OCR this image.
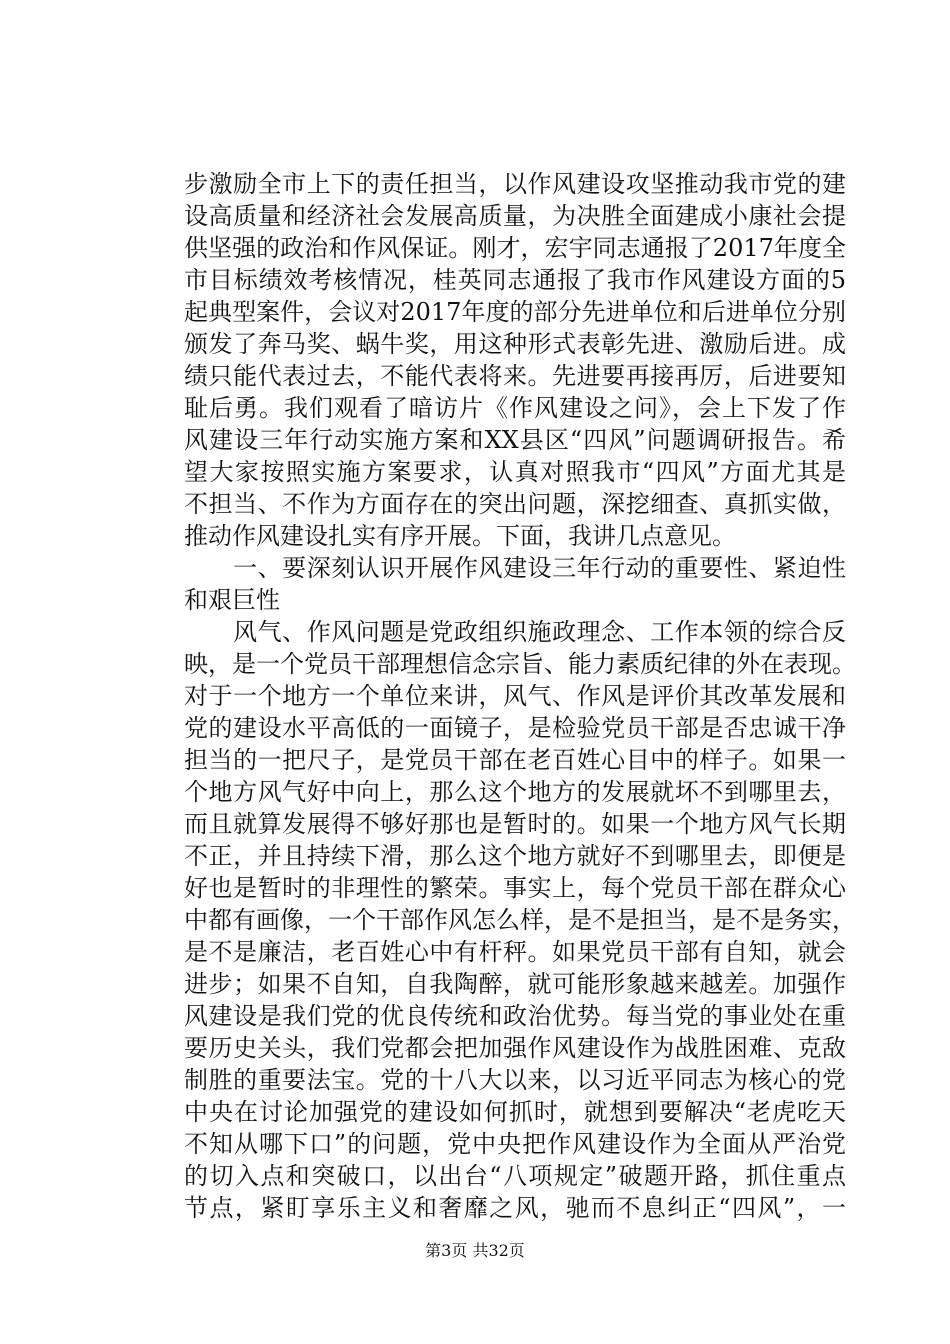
步激励全市上下的责任担当，以作风建设攻坚推动我市党的建
设高质量和经济社会发展高质量，为决胜全面建成小康社会提
供坚强的政治和作风保证。刚才，宏宇同志通报了2017年度全
市目标绩效考核情况，桂英同志通报了我市作风建设方面的5
起典型案件，会议对2017年度的部分先进单位和后进单位分别
颁发了奔马奖、蜗牛奖，用这种形式表彰先进、激励后进。成
绩只能代表过去，不能代表将来。先进要再接再厉，后进要知
耻后勇。我们观看了暗访片《作风建设之问》，会上下发了作
风建设三年行动实施方案和XX县区“四风”问题调研报告。希
望大家按照实施方案要求，认真对照我市“四风”方面尤其是
不担当、不作为方面存在的突出问题，深挖细查、真抓实做，
推动作风建设扎实有序开展。下面，我讲几点意见。
　　一、要深刻认识开展作风建设三年行动的重要性、紧迫性
和艰巨性
　　风气、作风问题是党政组织施政理念、工作本领的综合反
映，是一个党员干部理想信念宗旨、能力素质纪律的外在表现。
对于一个地方一个单位来讲，风气、作风是评价其改革发展和
党的建设水平高低的一面镜子，是检验党员干部是否忠诚干净
担当的一把尺子，是党员干部在老百姓心目中的样子。如果一
个地方风气好中向上，那么这个地方的发展就坏不到哪里去，
而且就算发展得不够好那也是暂时的。如果一个地方风气长期
不正，并且持续下滑，那么这个地方就好不到哪里去，即便是
好也是暂时的非理性的繁荣。事实上，每个党员干部在群众心
中都有画像，一个干部作风怎么样，是不是担当，是不是务实，
是不是廉洁，老百姓心中有杆秤。如果党员干部有自知，就会
进步；如果不自知，自我陶醉，就可能形象越来越差。加强作
风建设是我们党的优良传统和政治优势。每当党的事业处在重
要历史关头，我们党都会把加强作风建设作为战胜困难、克敌
制胜的重要法宝。党的十八大以来，以习近平同志为核心的党
中央在讨论加强党的建设如何抓时，就想到要解决“老虎吃天
不知从哪下口”的问题，党中央把作风建设作为全面从严治党
的切入点和突破口，以出台“八项规定”破题开路，抓住重点
节点，紧盯享乐主义和奢靡之风，驰而不息纠正“四风”，一
第3页 共32页
